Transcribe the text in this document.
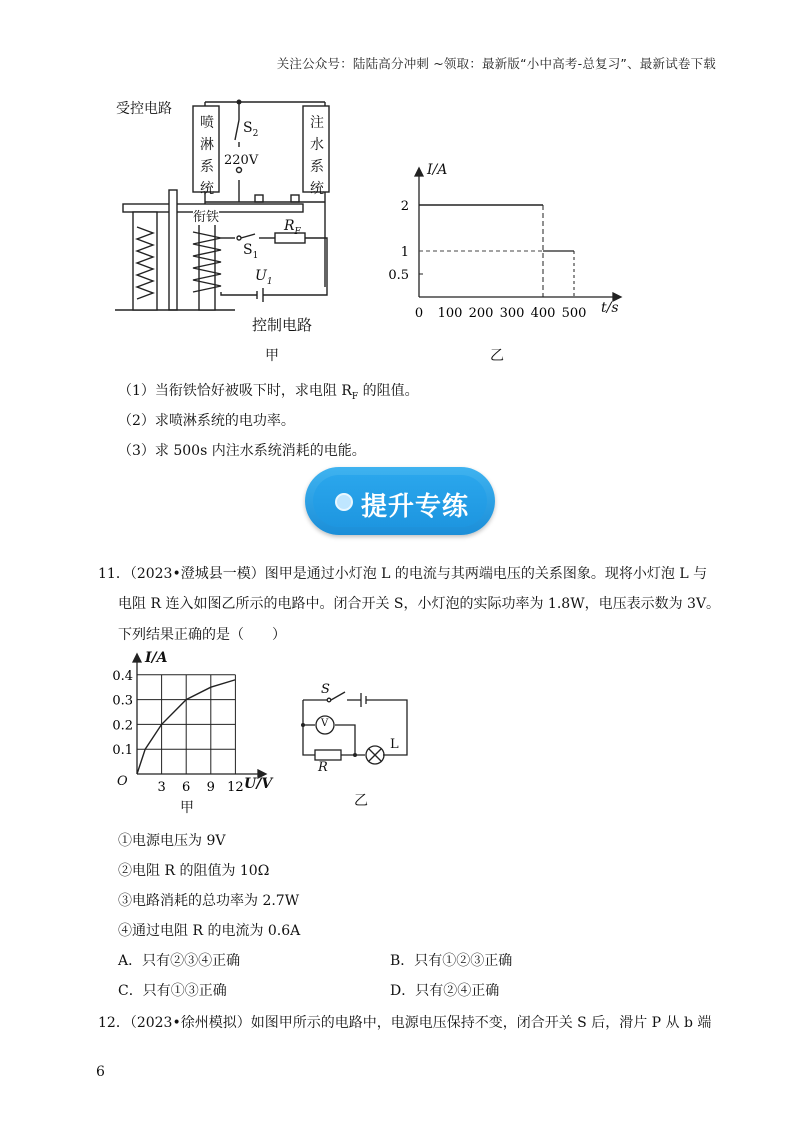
关注公众号：陆陆高分冲刺 ~领取：最新版“小中高考-总复习”、最新试卷下载
受控电路
喷
淋
系
统
注
水
系
统
$S_2$
220V
衔铁
$R_F$
$S_1$
$U_1$
控制电路
甲
0 100 200 300 400 500
2
1
0.5
I/A
t/s
乙
（1）当衔铁恰好被吸下时，求电阻 $R_F$ 的阻值。
（2）求喷淋系统的电功率。
（3）求 500s 内注水系统消耗的电能。
提升专练
11．（2023•澄城县一模）图甲是通过小灯泡 L 的电流与其两端电压的关系图象。现将小灯泡 L 与
电阻 R 连入如图乙所示的电路中。闭合开关 S，小灯泡的实际功率为 1.8W，电压表示数为 3V。
下列结果正确的是（　　）
3 6 9 12
0.4
0.3
0.2
0.1
I/A
U/V
O
甲
S
V
L
R
乙
①电源电压为 9V
②电阻 R 的阻值为 10Ω
③电路消耗的总功率为 2.7W
④通过电阻 R 的电流为 0.6A
A．只有②③④正确	B．只有①②③正确
C．只有①③正确	D．只有②④正确
12．（2023•徐州模拟）如图甲所示的电路中，电源电压保持不变，闭合开关 S 后，滑片 P 从 b 端
6
